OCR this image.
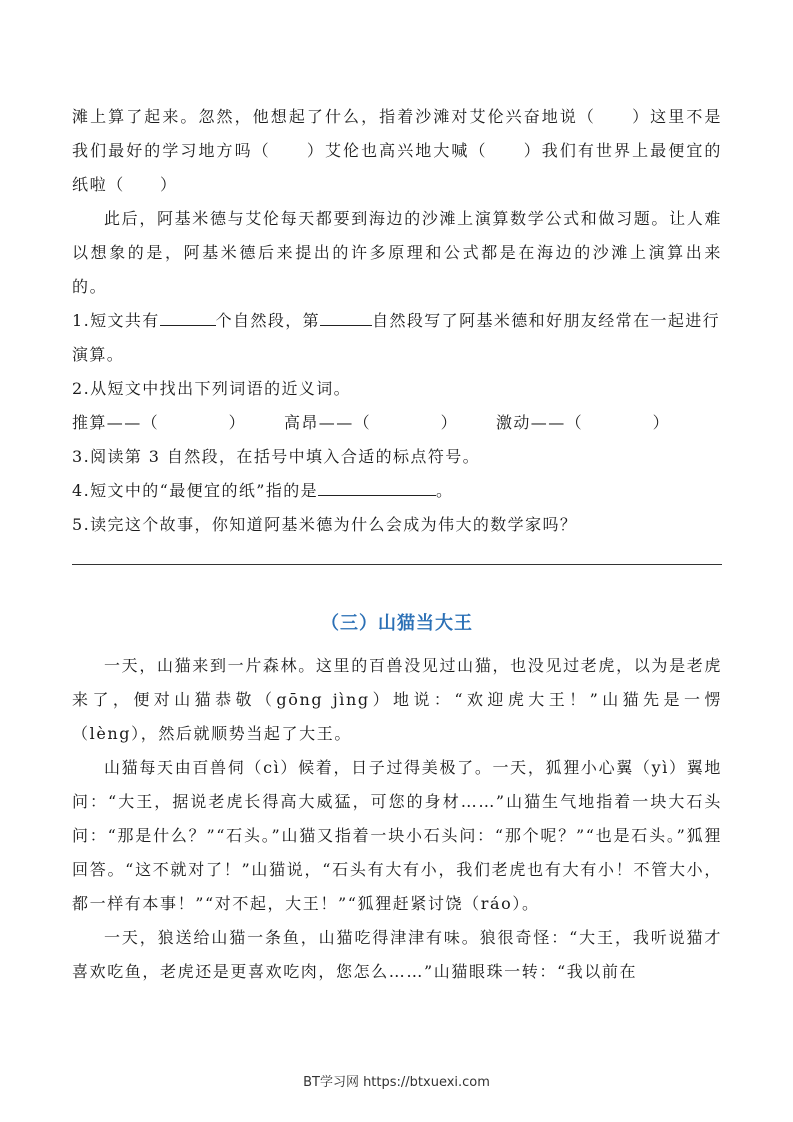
滩上算了起来。忽然，他想起了什么，指着沙滩对艾伦兴奋地说（　　）这里不是我们最好的学习地方吗（　　）艾伦也高兴地大喊（　　）我们有世界上最便宜的纸啦（　　）

此后，阿基米德与艾伦每天都要到海边的沙滩上演算数学公式和做习题。让人难以想象的是，阿基米德后来提出的许多原理和公式都是在海边的沙滩上演算出来的。

1.短文共有	个自然段，第	自然段写了阿基米德和好朋友经常在一起进行演算。

2.从短文中找出下列词语的近义词。

推算——（　　　　）	高昂——（　　　　）	激动——（　　　　）

3.阅读第 3 自然段，在括号中填入合适的标点符号。

4.短文中的“最便宜的纸”指的是	。

5.读完这个故事，你知道阿基米德为什么会成为伟大的数学家吗？

（三）山猫当大王

一天，山猫来到一片森林。这里的百兽没见过山猫，也没见过老虎，以为是老虎来了，便对山猫恭敬（gōng jìng）地说：“欢迎虎大王！”山猫先是一愣（lèng），然后就顺势当起了大王。

山猫每天由百兽伺（cì）候着，日子过得美极了。一天，狐狸小心翼（yì）翼地问：“大王，据说老虎长得高大威猛，可您的身材……”山猫生气地指着一块大石头问：“那是什么？”“石头。”山猫又指着一块小石头问：“那个呢？”“也是石头。”狐狸回答。“这不就对了！”山猫说，“石头有大有小，我们老虎也有大有小！不管大小，都一样有本事！”“对不起，大王！”“狐狸赶紧讨饶（ráo）。

一天，狼送给山猫一条鱼，山猫吃得津津有味。狼很奇怪：“大王，我听说猫才喜欢吃鱼，老虎还是更喜欢吃肉，您怎么……”山猫眼珠一转：“我以前在

BT学习网 https://btxuexi.com
